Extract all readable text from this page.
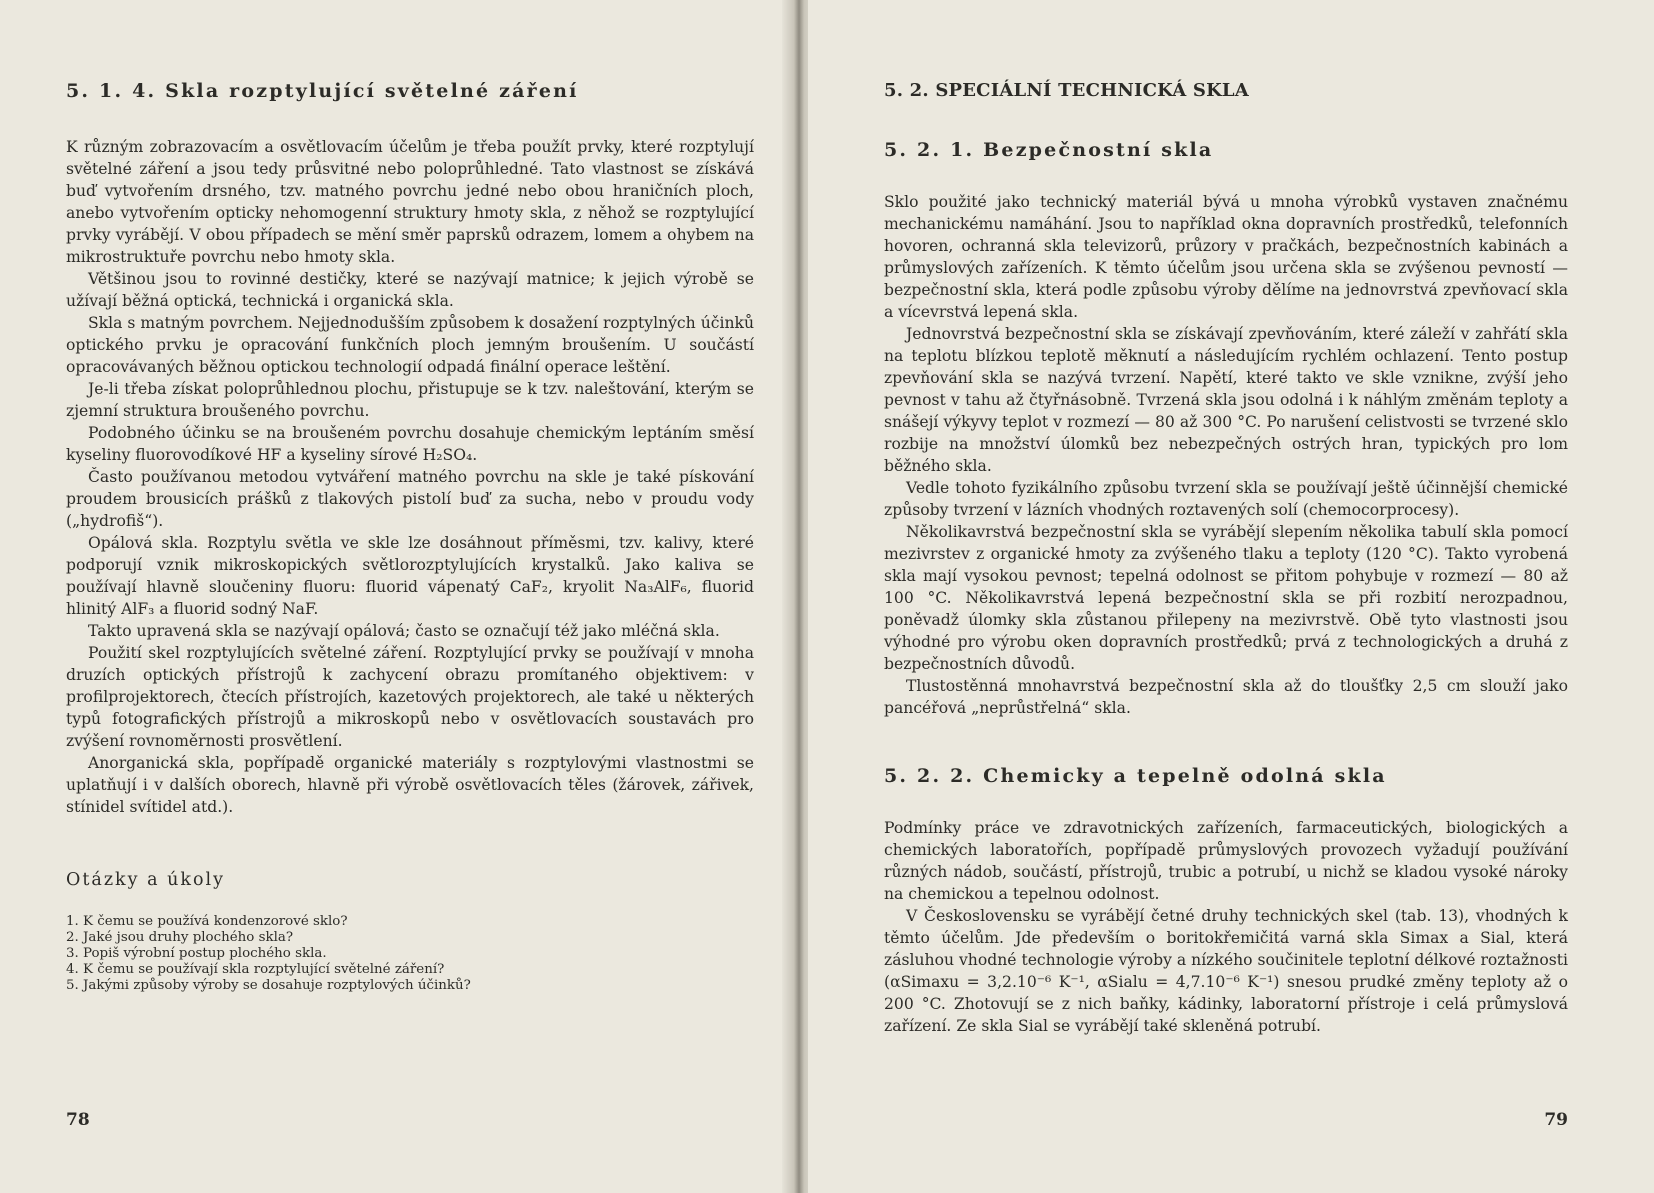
5. 1. 4. Skla rozptylující světelné záření

K různým zobrazovacím a osvětlovacím účelům je třeba použít prvky, které rozptylují světelné záření a jsou tedy průsvitné nebo poloprůhledné. Tato vlastnost se získává buď vytvořením drsného, tzv. matného povrchu jedné nebo obou hraničních ploch, anebo vytvořením opticky nehomogenní struktury hmoty skla, z něhož se rozptylující prvky vyrábějí. V obou případech se mění směr paprsků odrazem, lomem a ohybem na mikrostruktuře povrchu nebo hmoty skla.

Většinou jsou to rovinné destičky, které se nazývají matnice; k jejich výrobě se užívají běžná optická, technická i organická skla.

Skla s matným povrchem. Nejjednodušším způsobem k dosažení rozptylných účinků optického prvku je opracování funkčních ploch jemným broušením. U součástí opracovávaných běžnou optickou technologií odpadá finální operace leštění.

Je-li třeba získat poloprůhlednou plochu, přistupuje se k tzv. naleštování, kterým se zjemní struktura broušeného povrchu.

Podobného účinku se na broušeném povrchu dosahuje chemickým leptáním směsí kyseliny fluorovodíkové HF a kyseliny sírové H₂SO₄.

Často používanou metodou vytváření matného povrchu na skle je také pískování proudem brousicích prášků z tlakových pistolí buď za sucha, nebo v proudu vody („hydrofiš“).

Opálová skla. Rozptylu světla ve skle lze dosáhnout příměsmi, tzv. kalivy, které podporují vznik mikroskopických světlorozptylujících krystalků. Jako kaliva se používají hlavně sloučeniny fluoru: fluorid vápenatý CaF₂, kryolit Na₃AlF₆, fluorid hlinitý AlF₃ a fluorid sodný NaF.

Takto upravená skla se nazývají opálová; často se označují též jako mléčná skla.

Použití skel rozptylujících světelné záření. Rozptylující prvky se používají v mnoha druzích optických přístrojů k zachycení obrazu promítaného objektivem: v profilprojektorech, čtecích přístrojích, kazetových projektorech, ale také u některých typů fotografických přístrojů a mikroskopů nebo v osvětlovacích soustavách pro zvýšení rovnoměrnosti prosvětlení.

Anorganická skla, popřípadě organické materiály s rozptylovými vlastnostmi se uplatňují i v dalších oborech, hlavně při výrobě osvětlovacích těles (žárovek, zářivek, stínidel svítidel atd.).

Otázky a úkoly
1. K čemu se používá kondenzorové sklo?
2. Jaké jsou druhy plochého skla?
3. Popiš výrobní postup plochého skla.
4. K čemu se používají skla rozptylující světelné záření?
5. Jakými způsoby výroby se dosahuje rozptylových účinků?
78
5. 2. SPECIÁLNÍ TECHNICKÁ SKLA
5. 2. 1. Bezpečnostní skla

Sklo použité jako technický materiál bývá u mnoha výrobků vystaven značnému mechanickému namáhání. Jsou to například okna dopravních prostředků, telefonních hovoren, ochranná skla televizorů, průzory v pračkách, bezpečnostních kabinách a průmyslových zařízeních. K těmto účelům jsou určena skla se zvýšenou pevností — bezpečnostní skla, která podle způsobu výroby dělíme na jednovrstvá zpevňovací skla a vícevrstvá lepená skla.

Jednovrstvá bezpečnostní skla se získávají zpevňováním, které záleží v zahřátí skla na teplotu blízkou teplotě měknutí a následujícím rychlém ochlazení. Tento postup zpevňování skla se nazývá tvrzení. Napětí, které takto ve skle vznikne, zvýší jeho pevnost v tahu až čtyřnásobně. Tvrzená skla jsou odolná i k náhlým změnám teploty a snášejí výkyvy teplot v rozmezí — 80 až 300 °C. Po narušení celistvosti se tvrzené sklo rozbije na množství úlomků bez nebezpečných ostrých hran, typických pro lom běžného skla.

Vedle tohoto fyzikálního způsobu tvrzení skla se používají ještě účinnější chemické způsoby tvrzení v lázních vhodných roztavených solí (chemocorprocesy).

Několikavrstvá bezpečnostní skla se vyrábějí slepením několika tabulí skla pomocí mezivrstev z organické hmoty za zvýšeného tlaku a teploty (120 °C). Takto vyrobená skla mají vysokou pevnost; tepelná odolnost se přitom pohybuje v rozmezí — 80 až 100 °C. Několikavrstvá lepená bezpečnostní skla se při rozbití nerozpadnou, poněvadž úlomky skla zůstanou přilepeny na mezivrstvě. Obě tyto vlastnosti jsou výhodné pro výrobu oken dopravních prostředků; prvá z technologických a druhá z bezpečnostních důvodů.

Tlustostěnná mnohavrstvá bezpečnostní skla až do tloušťky 2,5 cm slouží jako pancéřová „neprůstřelná“ skla.

5. 2. 2. Chemicky a tepelně odolná skla

Podmínky práce ve zdravotnických zařízeních, farmaceutických, biologických a chemických laboratořích, popřípadě průmyslových provozech vyžadují používání různých nádob, součástí, přístrojů, trubic a potrubí, u nichž se kladou vysoké nároky na chemickou a tepelnou odolnost.

V Československu se vyrábějí četné druhy technických skel (tab. 13), vhodných k těmto účelům. Jde především o boritokřemičitá varná skla Simax a Sial, která zásluhou vhodné technologie výroby a nízkého součinitele teplotní délkové roztažnosti (αSimaxu = 3,2.10⁻⁶ K⁻¹, αSialu = 4,7.10⁻⁶ K⁻¹) snesou prudké změny teploty až o 200 °C. Zhotovují se z nich baňky, kádinky, laboratorní přístroje i celá průmyslová zařízení. Ze skla Sial se vyrábějí také skleněná potrubí.

79
